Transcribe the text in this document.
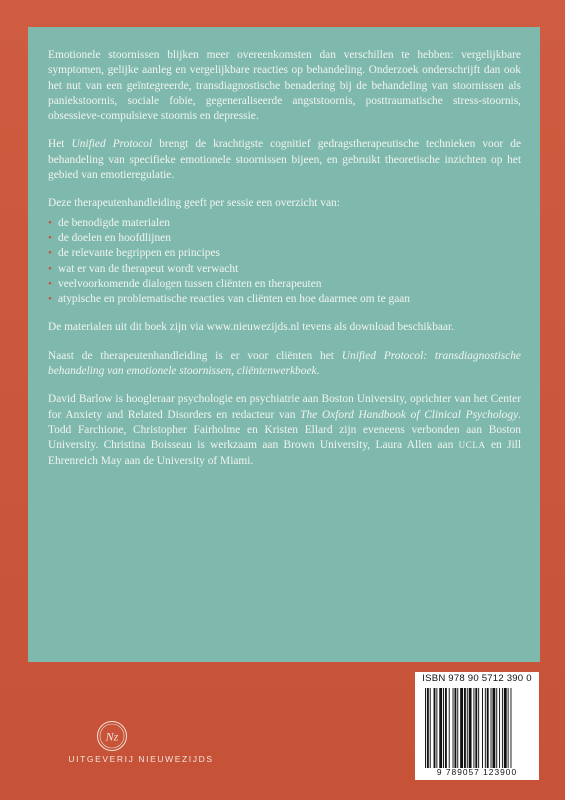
Emotionele stoornissen blijken meer overeenkomsten dan verschillen te hebben: vergelijkbare symptomen, gelijke aanleg en vergelijkbare reacties op behandeling. Onderzoek onderschrijft dan ook het nut van een geïntegreerde, transdiagnostische benadering bij de behandeling van stoornissen als paniekstoornis, sociale fobie, gegeneraliseerde angststoornis, posttraumatische stress-stoornis, obsessieve-compulsieve stoornis en depressie.

Het Unified Protocol brengt de krachtigste cognitief gedragstherapeutische technieken voor de behandeling van specifieke emotionele stoornissen bijeen, en gebruikt theoretische inzichten op het gebied van emotieregulatie.

Deze therapeutenhandleiding geeft per sessie een overzicht van:

• de benodigde materialen
• de doelen en hoofdlijnen
• de relevante begrippen en principes
• wat er van de therapeut wordt verwacht
• veelvoorkomende dialogen tussen cliënten en therapeuten
• atypische en problematische reacties van cliënten en hoe daarmee om te gaan

De materialen uit dit boek zijn via www.nieuwezijds.nl tevens als download beschikbaar.

Naast de therapeutenhandleiding is er voor cliënten het Unified Protocol: transdiagnostische behandeling van emotionele stoornissen, cliëntenwerkboek.

David Barlow is hoogleraar psychologie en psychiatrie aan Boston University, oprichter van het Center for Anxiety and Related Disorders en redacteur van The Oxford Handbook of Clinical Psychology. Todd Farchione, Christopher Fairholme en Kristen Ellard zijn eveneens verbonden aan Boston University. Christina Boisseau is werkzaam aan Brown University, Laura Allen aan UCLA en Jill Ehrenreich May aan de University of Miami.

Nz
UITGEVERIJ NIEUWEZIJDS
ISBN 978 90 5712 390 0
9 789057 123900
